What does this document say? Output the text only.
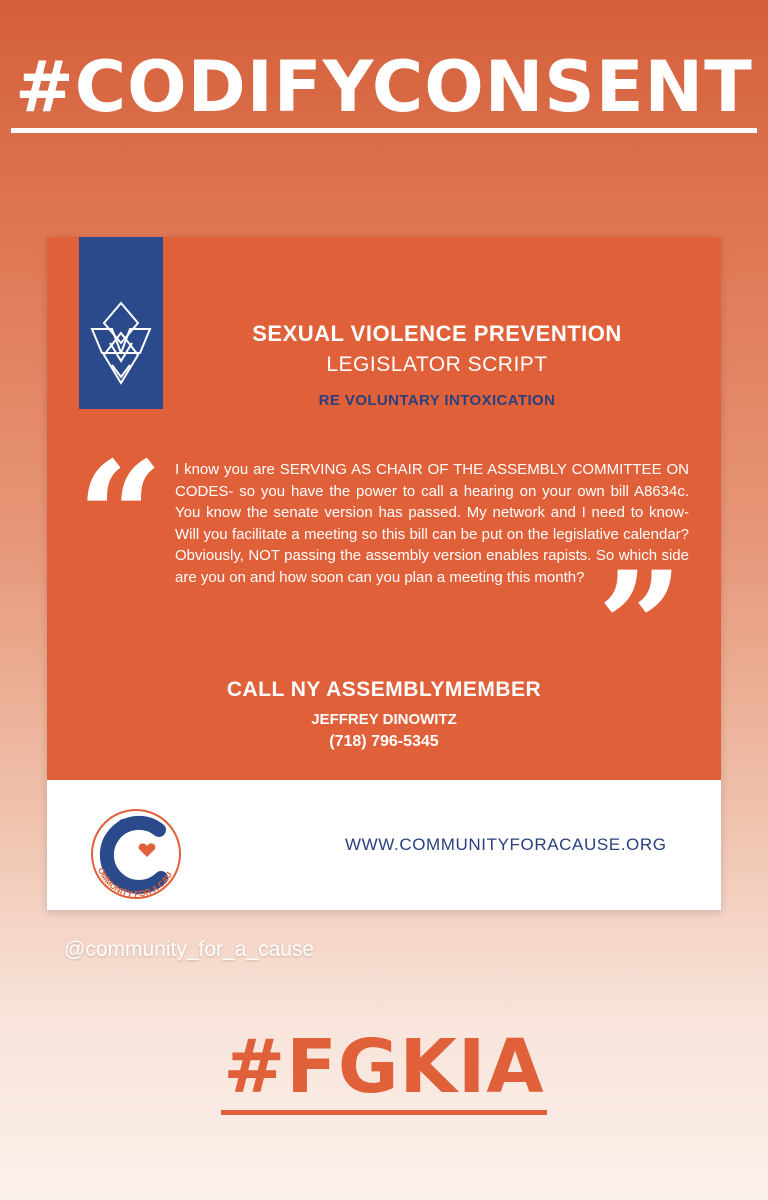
#CODIFYCONSENT
SEXUAL VIOLENCE PREVENTION
LEGISLATOR SCRIPT
RE VOLUNTARY INTOXICATION
“ I know you are SERVING AS CHAIR OF THE ASSEMBLY COMMITTEE ON CODES- so you have the power to call a hearing on your own bill A8634c. You know the senate version has passed. My network and I need to know- Will you facilitate a meeting so this bill can be put on the legislative calendar? Obviously, NOT passing the assembly version enables rapists. So which side are you on and how soon can you plan a meeting this month? ”
CALL NY ASSEMBLYMEMBER
JEFFREY DINOWITZ
(718) 796-5345
OMMUNITY FOR A CAU
WWW.COMMUNITYFORACAUSE.ORG
@community_for_a_cause
#FGKIA
